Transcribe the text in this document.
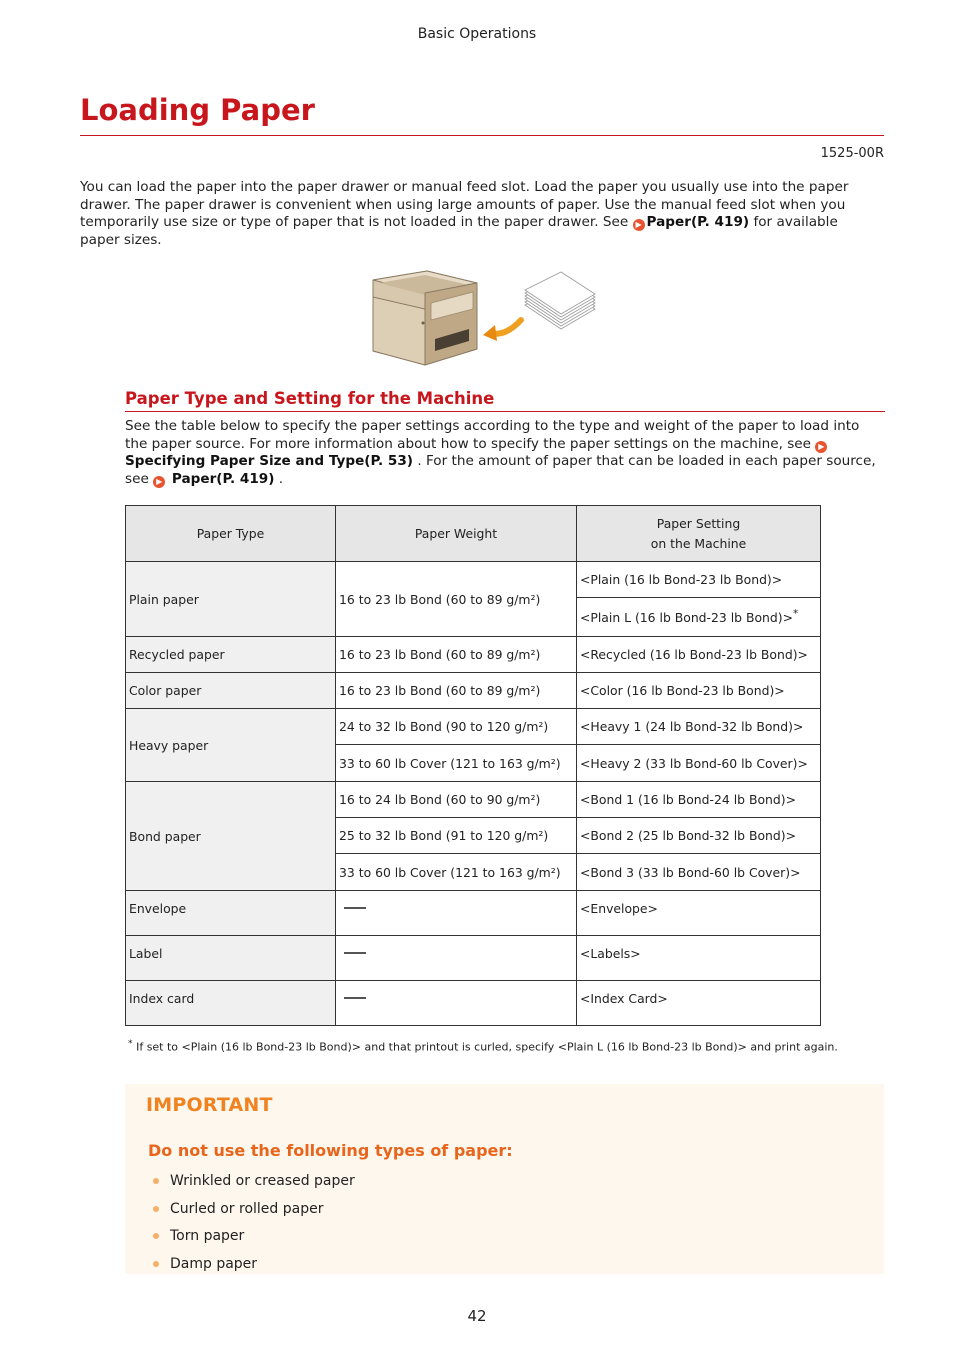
Basic Operations
Loading Paper
1525-00R

You can load the paper into the paper drawer or manual feed slot. Load the paper you usually use into the paper drawer. The paper drawer is convenient when using large amounts of paper. Use the manual feed slot when you temporarily use size or type of paper that is not loaded in the paper drawer. See ▶ Paper(P. 419) for available paper sizes.

Paper Type and Setting for the Machine

See the table below to specify the paper settings according to the type and weight of the paper to load into the paper source. For more information about how to specify the paper settings on the machine, see ▶Specifying Paper Size and Type(P. 53) . For the amount of paper that can be loaded in each paper source, see ▶ Paper(P. 419) .

Paper Type	Paper Weight	Paper Setting
on the Machine
Plain paper	16 to 23 lb Bond (60 to 89 g/m²)	<Plain (16 lb Bond-23 lb Bond)>
		<Plain L (16 lb Bond-23 lb Bond)>*
Recycled paper	16 to 23 lb Bond (60 to 89 g/m²)	<Recycled (16 lb Bond-23 lb Bond)>
Color paper	16 to 23 lb Bond (60 to 89 g/m²)	<Color (16 lb Bond-23 lb Bond)>
Heavy paper	24 to 32 lb Bond (90 to 120 g/m²)	<Heavy 1 (24 lb Bond-32 lb Bond)>
	33 to 60 lb Cover (121 to 163 g/m²)	<Heavy 2 (33 lb Bond-60 lb Cover)>
Bond paper	16 to 24 lb Bond (60 to 90 g/m²)	<Bond 1 (16 lb Bond-24 lb Bond)>
	25 to 32 lb Bond (91 to 120 g/m²)	<Bond 2 (25 lb Bond-32 lb Bond)>
	33 to 60 lb Cover (121 to 163 g/m²)	<Bond 3 (33 lb Bond-60 lb Cover)>
Envelope		<Envelope>
Label		<Labels>
Index card		<Index Card>
* If set to <Plain (16 lb Bond-23 lb Bond)> and that printout is curled, specify <Plain L (16 lb Bond-23 lb Bond)> and print again.
IMPORTANT
Do not use the following types of paper:
Wrinkled or creased paper
Curled or rolled paper
Torn paper
Damp paper
42
